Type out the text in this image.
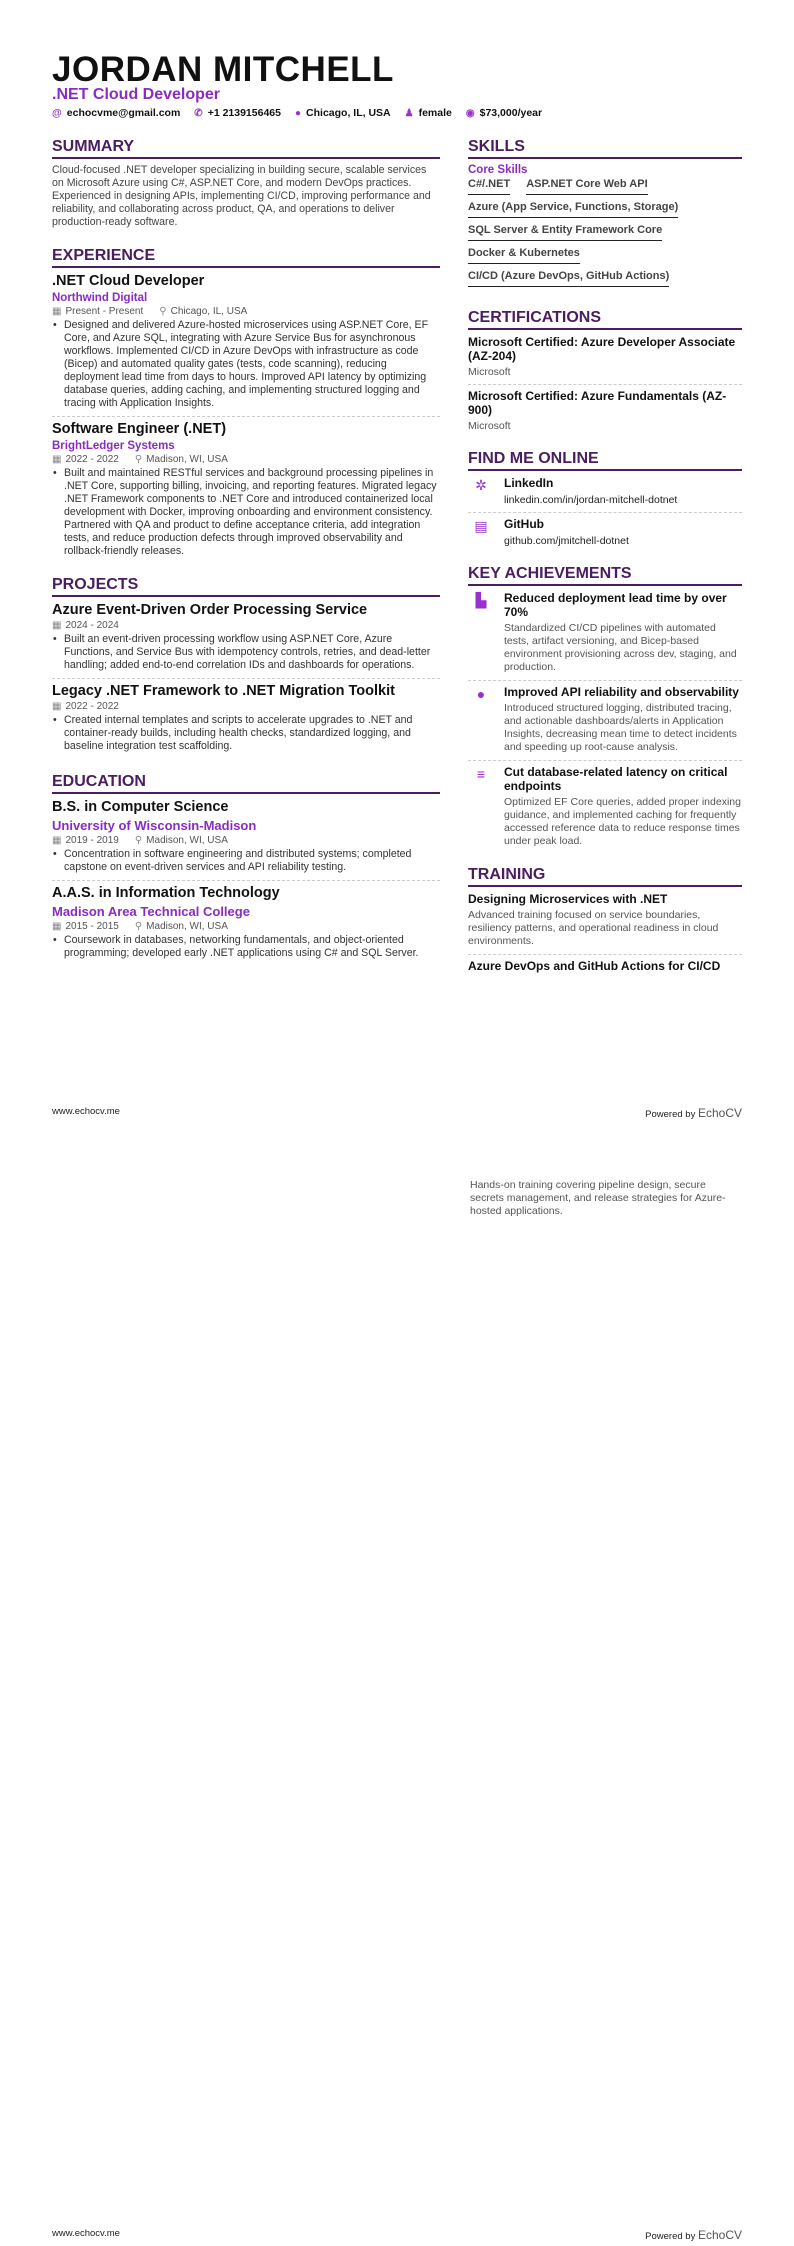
JORDAN MITCHELL
.NET Cloud Developer
@ echocvme@gmail.com ✆ +1 2139156465 ● Chicago, IL, USA ♟ female ◉ $73,000/year
SUMMARY
Cloud-focused .NET developer specializing in building secure, scalable services on Microsoft Azure using C#, ASP.NET Core, and modern DevOps practices. Experienced in designing APIs, implementing CI/CD, improving performance and reliability, and collaborating across product, QA, and operations to deliver production-ready software.
EXPERIENCE
.NET Cloud Developer
Northwind Digital
▦ Present - Present ⚲ Chicago, IL, USA
• Designed and delivered Azure-hosted microservices using ASP.NET Core, EF Core, and Azure SQL, integrating with Azure Service Bus for asynchronous workflows. Implemented CI/CD in Azure DevOps with infrastructure as code (Bicep) and automated quality gates (tests, code scanning), reducing deployment lead time from days to hours. Improved API latency by optimizing database queries, adding caching, and implementing structured logging and tracing with Application Insights.
Software Engineer (.NET)
BrightLedger Systems
▦ 2022 - 2022 ⚲ Madison, WI, USA
• Built and maintained RESTful services and background processing pipelines in .NET Core, supporting billing, invoicing, and reporting features. Migrated legacy .NET Framework components to .NET Core and introduced containerized local development with Docker, improving onboarding and environment consistency. Partnered with QA and product to define acceptance criteria, add integration tests, and reduce production defects through improved observability and rollback-friendly releases.
PROJECTS
Azure Event-Driven Order Processing Service
▦ 2024 - 2024
• Built an event-driven processing workflow using ASP.NET Core, Azure Functions, and Service Bus with idempotency controls, retries, and dead-letter handling; added end-to-end correlation IDs and dashboards for operations.
Legacy .NET Framework to .NET Migration Toolkit
▦ 2022 - 2022
• Created internal templates and scripts to accelerate upgrades to .NET and container-ready builds, including health checks, standardized logging, and baseline integration test scaffolding.
EDUCATION
B.S. in Computer Science
University of Wisconsin-Madison
▦ 2019 - 2019 ⚲ Madison, WI, USA
• Concentration in software engineering and distributed systems; completed capstone on event-driven services and API reliability testing.
A.A.S. in Information Technology
Madison Area Technical College
▦ 2015 - 2015 ⚲ Madison, WI, USA
• Coursework in databases, networking fundamentals, and object-oriented programming; developed early .NET applications using C# and SQL Server.
SKILLS
Core Skills
C#/.NET ASP.NET Core Web API
Azure (App Service, Functions, Storage)
SQL Server & Entity Framework Core
Docker & Kubernetes
CI/CD (Azure DevOps, GitHub Actions)
CERTIFICATIONS
Microsoft Certified: Azure Developer Associate (AZ-204)
Microsoft
Microsoft Certified: Azure Fundamentals (AZ-900)
Microsoft
FIND ME ONLINE
✲	LinkedIn
linkedin.com/in/jordan-mitchell-dotnet
▤	GitHub
github.com/jmitchell-dotnet
KEY ACHIEVEMENTS
▙	Reduced deployment lead time by over 70%
Standardized CI/CD pipelines with automated tests, artifact versioning, and Bicep-based environment provisioning across dev, staging, and production.
●	Improved API reliability and observability
Introduced structured logging, distributed tracing, and actionable dashboards/alerts in Application Insights, decreasing mean time to detect incidents and speeding up root-cause analysis.
≡	Cut database-related latency on critical endpoints
Optimized EF Core queries, added proper indexing guidance, and implemented caching for frequently accessed reference data to reduce response times under peak load.
TRAINING
Designing Microservices with .NET
Advanced training focused on service boundaries, resiliency patterns, and operational readiness in cloud environments.
Azure DevOps and GitHub Actions for CI/CD
www.echocv.me	Powered by EchoCV
Hands-on training covering pipeline design, secure secrets management, and release strategies for Azure-hosted applications.
www.echocv.me	Powered by EchoCV
